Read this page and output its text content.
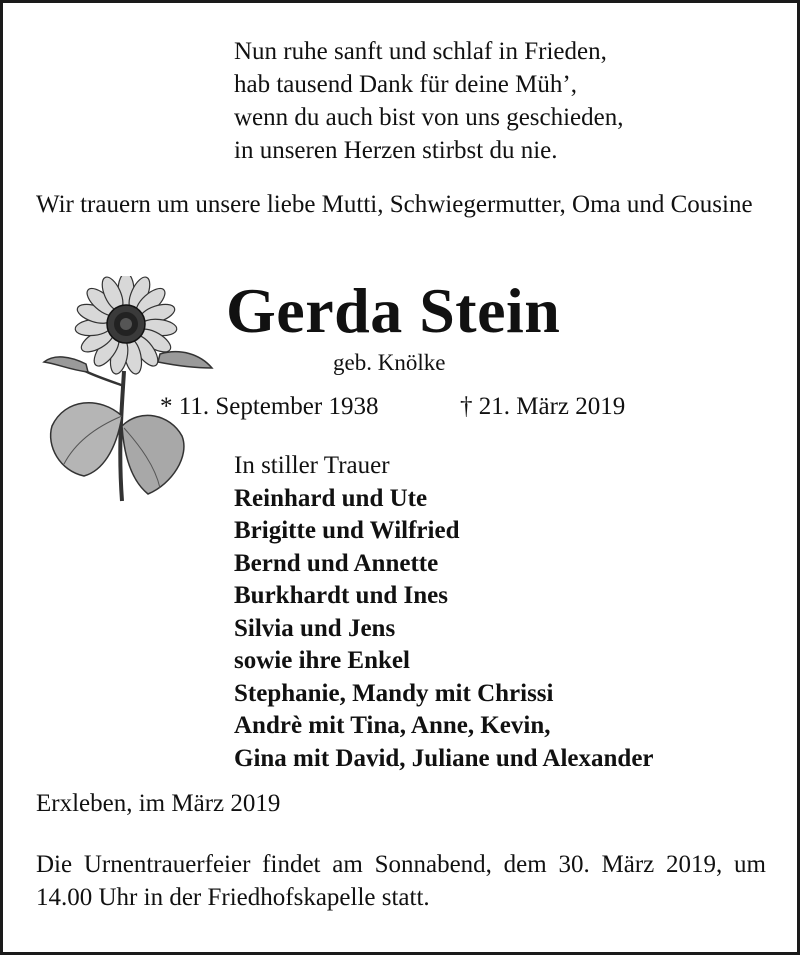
Nun ruhe sanft und schlaf in Frieden,
hab tausend Dank für deine Müh’,
wenn du auch bist von uns geschieden,
in unseren Herzen stirbst du nie.
Wir trauern um unsere liebe Mutti, Schwiegermutter, Oma und Cousine
Gerda Stein
geb. Knölke
* 11. September 1938	† 21. März 2019
In stiller Trauer
Reinhard und Ute
Brigitte und Wilfried
Bernd und Annette
Burkhardt und Ines
Silvia und Jens
sowie ihre Enkel
Stephanie, Mandy mit Chrissi
Andrè mit Tina, Anne, Kevin,
Gina mit David, Juliane und Alexander
Erxleben, im März 2019
Die Urnentrauerfeier findet am Sonnabend, dem 30. März 2019, um 14.00 Uhr in der Friedhofskapelle statt.
